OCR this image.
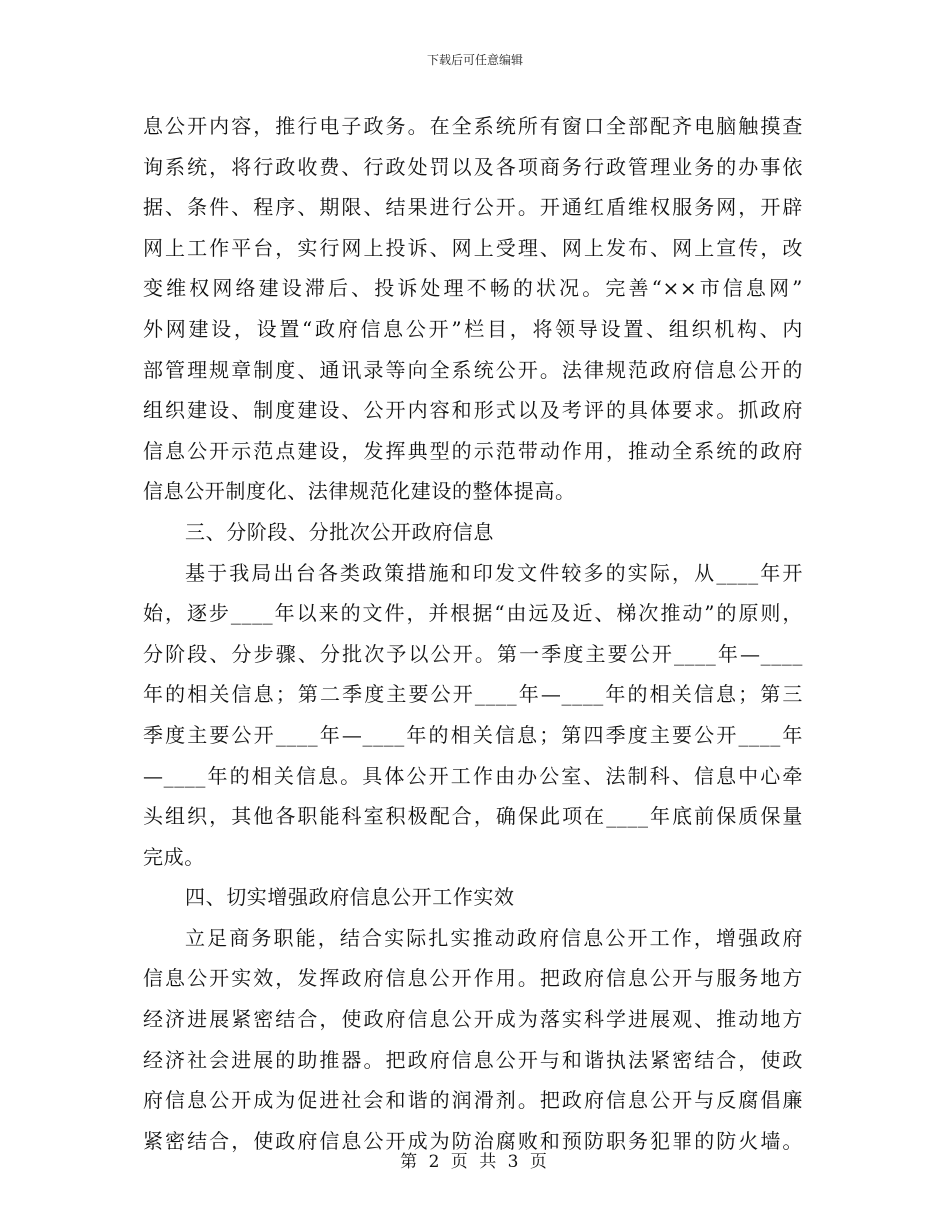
下载后可任意编辑
息公开内容，推行电子政务。在全系统所有窗口全部配齐电脑触摸查
询系统，将行政收费、行政处罚以及各项商务行政管理业务的办事依
据、条件、程序、期限、结果进行公开。开通红盾维权服务网，开辟
网上工作平台，实行网上投诉、网上受理、网上发布、网上宣传，改
变维权网络建设滞后、投诉处理不畅的状况。完善“××市信息网”
外网建设，设置“政府信息公开”栏目，将领导设置、组织机构、内
部管理规章制度、通讯录等向全系统公开。法律规范政府信息公开的
组织建设、制度建设、公开内容和形式以及考评的具体要求。抓政府
信息公开示范点建设，发挥典型的示范带动作用，推动全系统的政府
信息公开制度化、法律规范化建设的整体提高。
三、分阶段、分批次公开政府信息
基于我局出台各类政策措施和印发文件较多的实际，从____年开
始，逐步____年以来的文件，并根据“由远及近、梯次推动”的原则，
分阶段、分步骤、分批次予以公开。第一季度主要公开____年—____
年的相关信息；第二季度主要公开____年—____年的相关信息；第三
季度主要公开____年—____年的相关信息；第四季度主要公开____年
—____年的相关信息。具体公开工作由办公室、法制科、信息中心牵
头组织，其他各职能科室积极配合，确保此项在____年底前保质保量
完成。
四、切实增强政府信息公开工作实效
立足商务职能，结合实际扎实推动政府信息公开工作，增强政府
信息公开实效，发挥政府信息公开作用。把政府信息公开与服务地方
经济进展紧密结合，使政府信息公开成为落实科学进展观、推动地方
经济社会进展的助推器。把政府信息公开与和谐执法紧密结合，使政
府信息公开成为促进社会和谐的润滑剂。把政府信息公开与反腐倡廉
紧密结合，使政府信息公开成为防治腐败和预防职务犯罪的防火墙。
第 2 页 共 3 页
